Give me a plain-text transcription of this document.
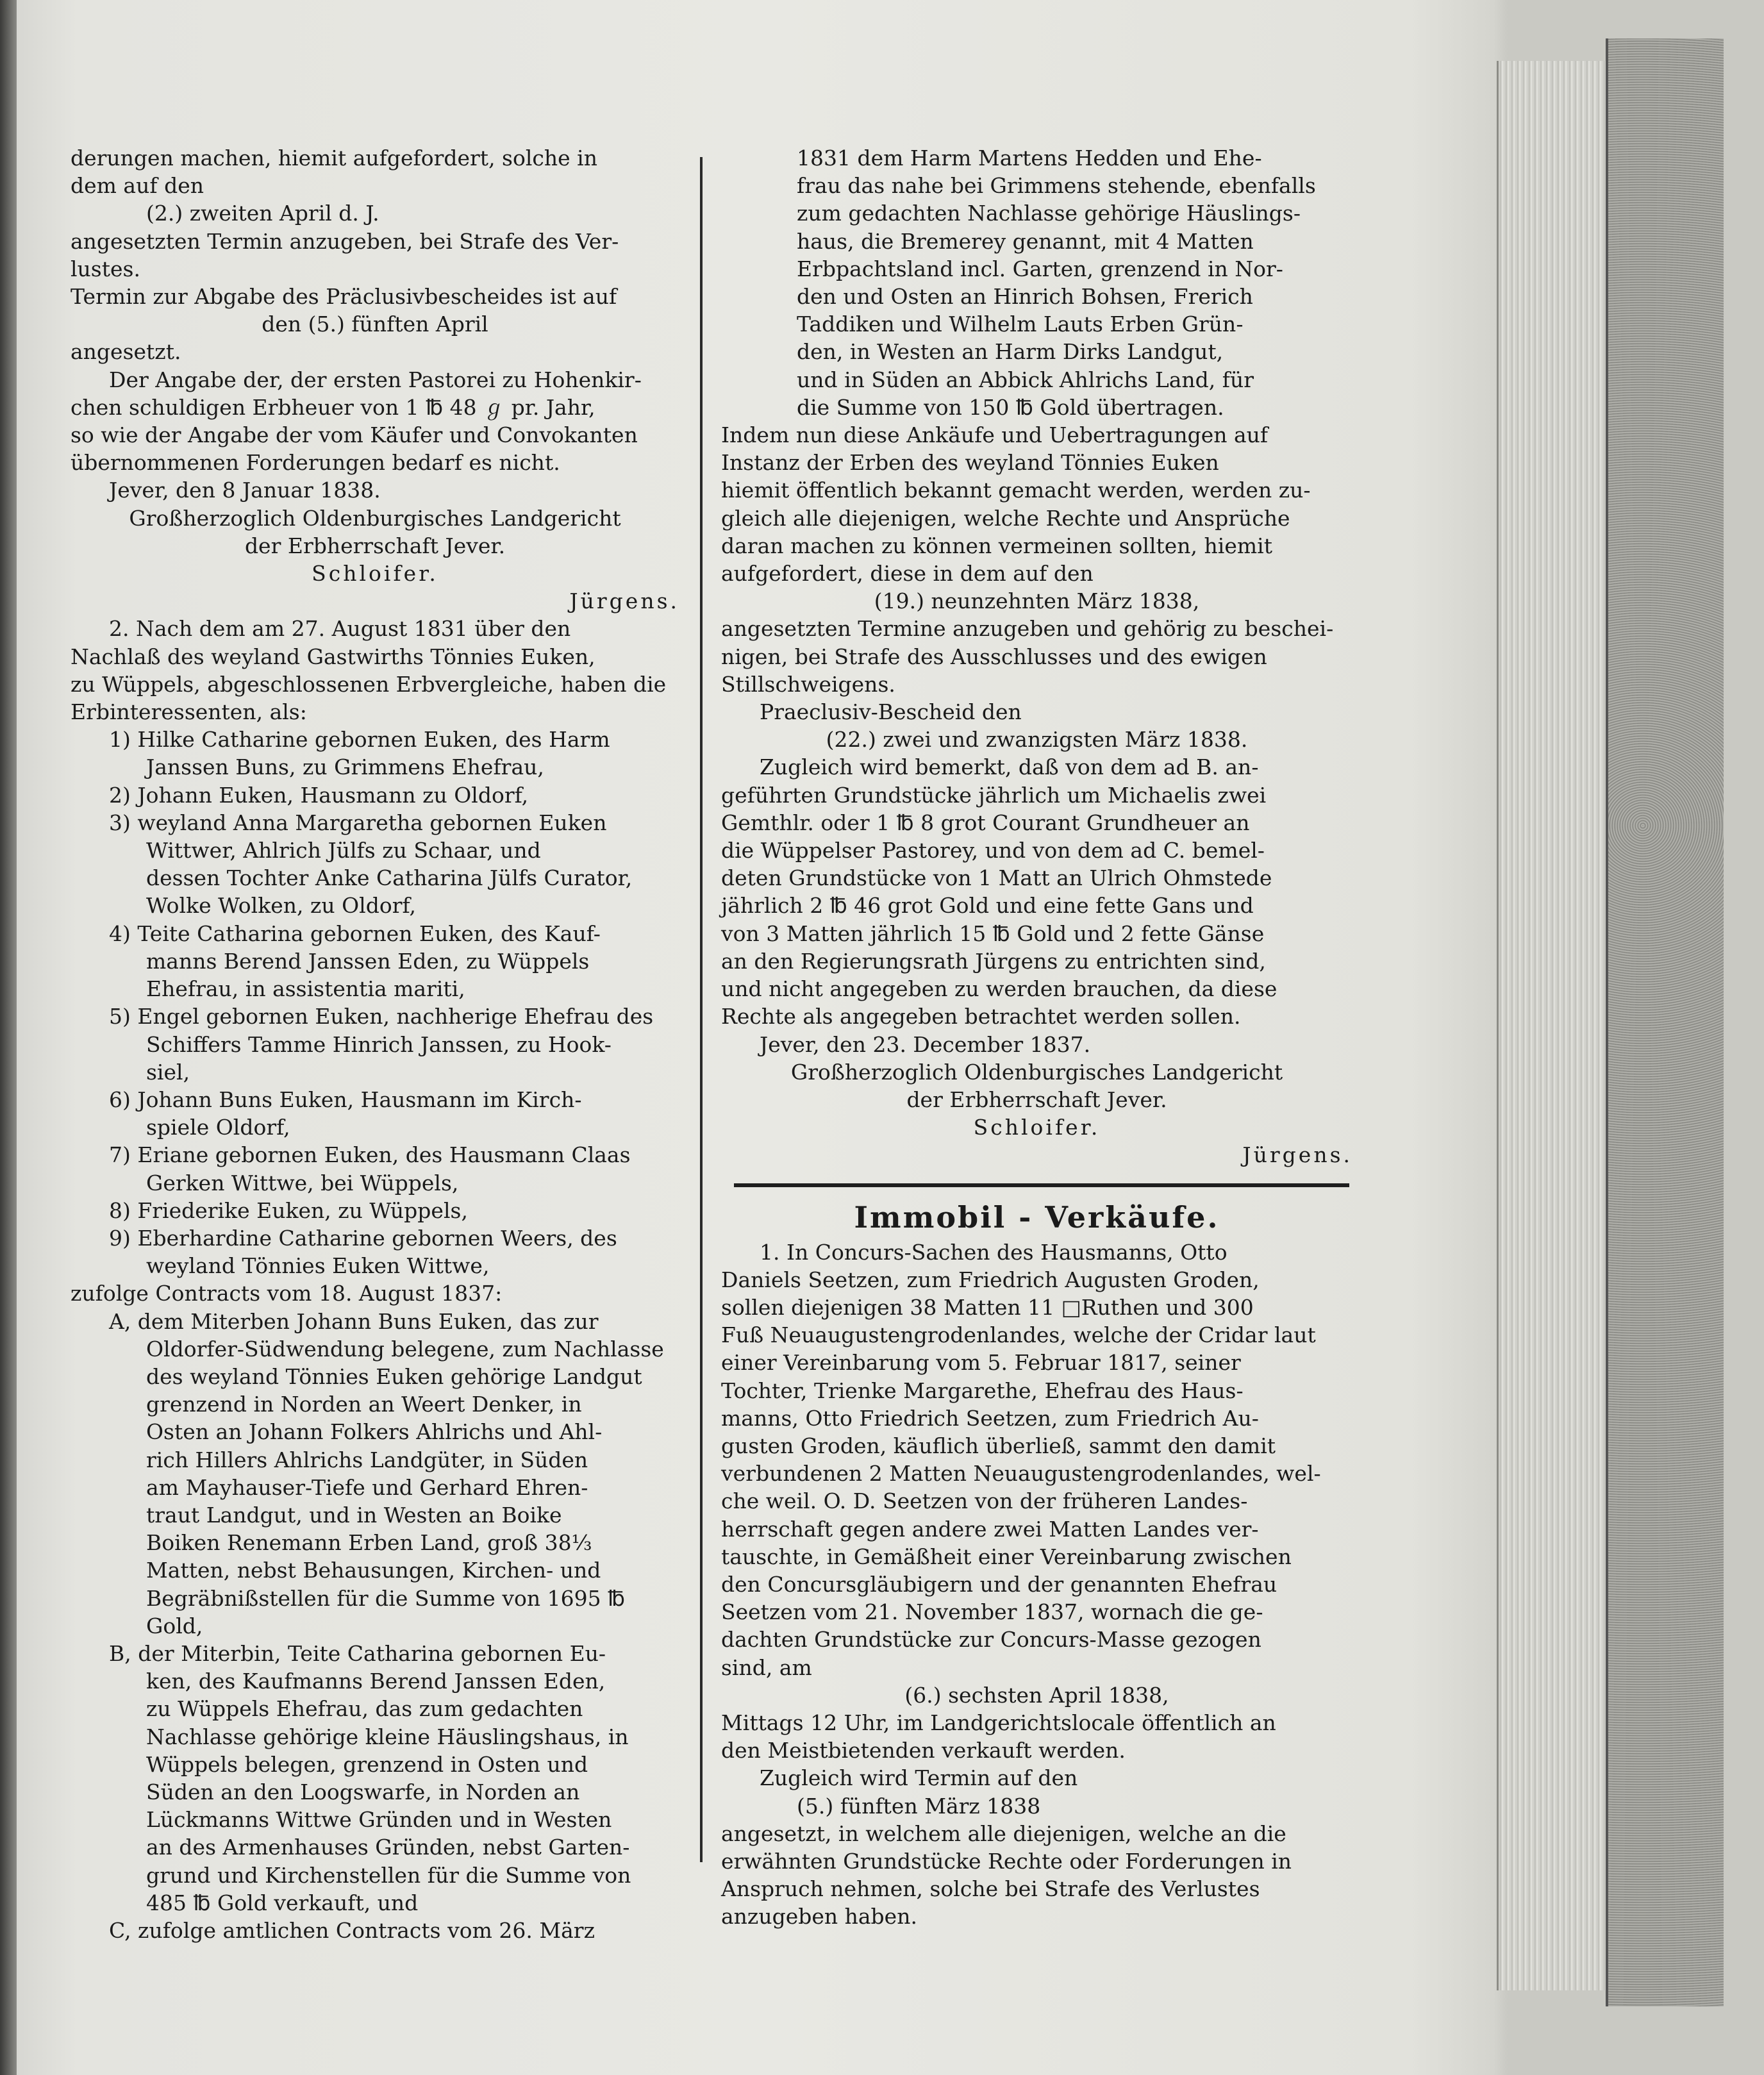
derungen machen, hiemit aufgefordert, solche in

dem auf den

(2.) zweiten April d. J.

angesetzten Termin anzugeben, bei Strafe des Ver-

lustes.

Termin zur Abgabe des Präclusivbescheides ist auf

den (5.) fünften April

angesetzt.

Der Angabe der, der ersten Pastorei zu Hohenkir-

chen schuldigen Erbheuer von 1 ℔ 48 ℊ pr. Jahr,

so wie der Angabe der vom Käufer und Convokanten

übernommenen Forderungen bedarf es nicht.

Jever, den 8 Januar 1838.

Großherzoglich Oldenburgisches Landgericht

der Erbherrschaft Jever.

Schloifer.

Jürgens.

2. Nach dem am 27. August 1831 über den

Nachlaß des weyland Gastwirths Tönnies Euken,

zu Wüppels, abgeschlossenen Erbvergleiche, haben die

Erbinteressenten, als:

1) Hilke Catharine gebornen Euken, des Harm

Janssen Buns, zu Grimmens Ehefrau,

2) Johann Euken, Hausmann zu Oldorf,

3) weyland Anna Margaretha gebornen Euken

Wittwer, Ahlrich Jülfs zu Schaar, und

dessen Tochter Anke Catharina Jülfs Curator,

Wolke Wolken, zu Oldorf,

4) Teite Catharina gebornen Euken, des Kauf-

manns Berend Janssen Eden, zu Wüppels

Ehefrau, in assistentia mariti,

5) Engel gebornen Euken, nachherige Ehefrau des

Schiffers Tamme Hinrich Janssen, zu Hook-

siel,

6) Johann Buns Euken, Hausmann im Kirch-

spiele Oldorf,

7) Eriane gebornen Euken, des Hausmann Claas

Gerken Wittwe, bei Wüppels,

8) Friederike Euken, zu Wüppels,

9) Eberhardine Catharine gebornen Weers, des

weyland Tönnies Euken Wittwe,

zufolge Contracts vom 18. August 1837:

A, dem Miterben Johann Buns Euken, das zur

Oldorfer-Südwendung belegene, zum Nachlasse

des weyland Tönnies Euken gehörige Landgut

grenzend in Norden an Weert Denker, in

Osten an Johann Folkers Ahlrichs und Ahl-

rich Hillers Ahlrichs Landgüter, in Süden

am Mayhauser-Tiefe und Gerhard Ehren-

traut Landgut, und in Westen an Boike

Boiken Renemann Erben Land, groß 38⅓

Matten, nebst Behausungen, Kirchen- und

Begräbnißstellen für die Summe von 1695 ℔

Gold,

B, der Miterbin, Teite Catharina gebornen Eu-

ken, des Kaufmanns Berend Janssen Eden,

zu Wüppels Ehefrau, das zum gedachten

Nachlasse gehörige kleine Häuslingshaus, in

Wüppels belegen, grenzend in Osten und

Süden an den Loogswarfe, in Norden an

Lückmanns Wittwe Gründen und in Westen

an des Armenhauses Gründen, nebst Garten-

grund und Kirchenstellen für die Summe von

485 ℔ Gold verkauft, und

C, zufolge amtlichen Contracts vom 26. März

1831 dem Harm Martens Hedden und Ehe-

frau das nahe bei Grimmens stehende, ebenfalls

zum gedachten Nachlasse gehörige Häuslings-

haus, die Bremerey genannt, mit 4 Matten

Erbpachtsland incl. Garten, grenzend in Nor-

den und Osten an Hinrich Bohsen, Frerich

Taddiken und Wilhelm Lauts Erben Grün-

den, in Westen an Harm Dirks Landgut,

und in Süden an Abbick Ahlrichs Land, für

die Summe von 150 ℔ Gold übertragen.

Indem nun diese Ankäufe und Uebertragungen auf

Instanz der Erben des weyland Tönnies Euken

hiemit öffentlich bekannt gemacht werden, werden zu-

gleich alle diejenigen, welche Rechte und Ansprüche

daran machen zu können vermeinen sollten, hiemit

aufgefordert, diese in dem auf den

(19.) neunzehnten März 1838,

angesetzten Termine anzugeben und gehörig zu beschei-

nigen, bei Strafe des Ausschlusses und des ewigen

Stillschweigens.

Praeclusiv-Bescheid den

(22.) zwei und zwanzigsten März 1838.

Zugleich wird bemerkt, daß von dem ad B. an-

geführten Grundstücke jährlich um Michaelis zwei

Gemthlr. oder 1 ℔ 8 grot Courant Grundheuer an

die Wüppelser Pastorey, und von dem ad C. bemel-

deten Grundstücke von 1 Matt an Ulrich Ohmstede

jährlich 2 ℔ 46 grot Gold und eine fette Gans und

von 3 Matten jährlich 15 ℔ Gold und 2 fette Gänse

an den Regierungsrath Jürgens zu entrichten sind,

und nicht angegeben zu werden brauchen, da diese

Rechte als angegeben betrachtet werden sollen.

Jever, den 23. December 1837.

Großherzoglich Oldenburgisches Landgericht

der Erbherrschaft Jever.

Schloifer.

Jürgens.

Immobil - Verkäufe.

1. In Concurs-Sachen des Hausmanns, Otto

Daniels Seetzen, zum Friedrich Augusten Groden,

sollen diejenigen 38 Matten 11 □Ruthen und 300

Fuß Neuaugustengrodenlandes, welche der Cridar laut

einer Vereinbarung vom 5. Februar 1817, seiner

Tochter, Trienke Margarethe, Ehefrau des Haus-

manns, Otto Friedrich Seetzen, zum Friedrich Au-

gusten Groden, käuflich überließ, sammt den damit

verbundenen 2 Matten Neuaugustengrodenlandes, wel-

che weil. O. D. Seetzen von der früheren Landes-

herrschaft gegen andere zwei Matten Landes ver-

tauschte, in Gemäßheit einer Vereinbarung zwischen

den Concursgläubigern und der genannten Ehefrau

Seetzen vom 21. November 1837, wornach die ge-

dachten Grundstücke zur Concurs-Masse gezogen

sind, am

(6.) sechsten April 1838,

Mittags 12 Uhr, im Landgerichtslocale öffentlich an

den Meistbietenden verkauft werden.

Zugleich wird Termin auf den

(5.) fünften März 1838

angesetzt, in welchem alle diejenigen, welche an die

erwähnten Grundstücke Rechte oder Forderungen in

Anspruch nehmen, solche bei Strafe des Verlustes

anzugeben haben.
